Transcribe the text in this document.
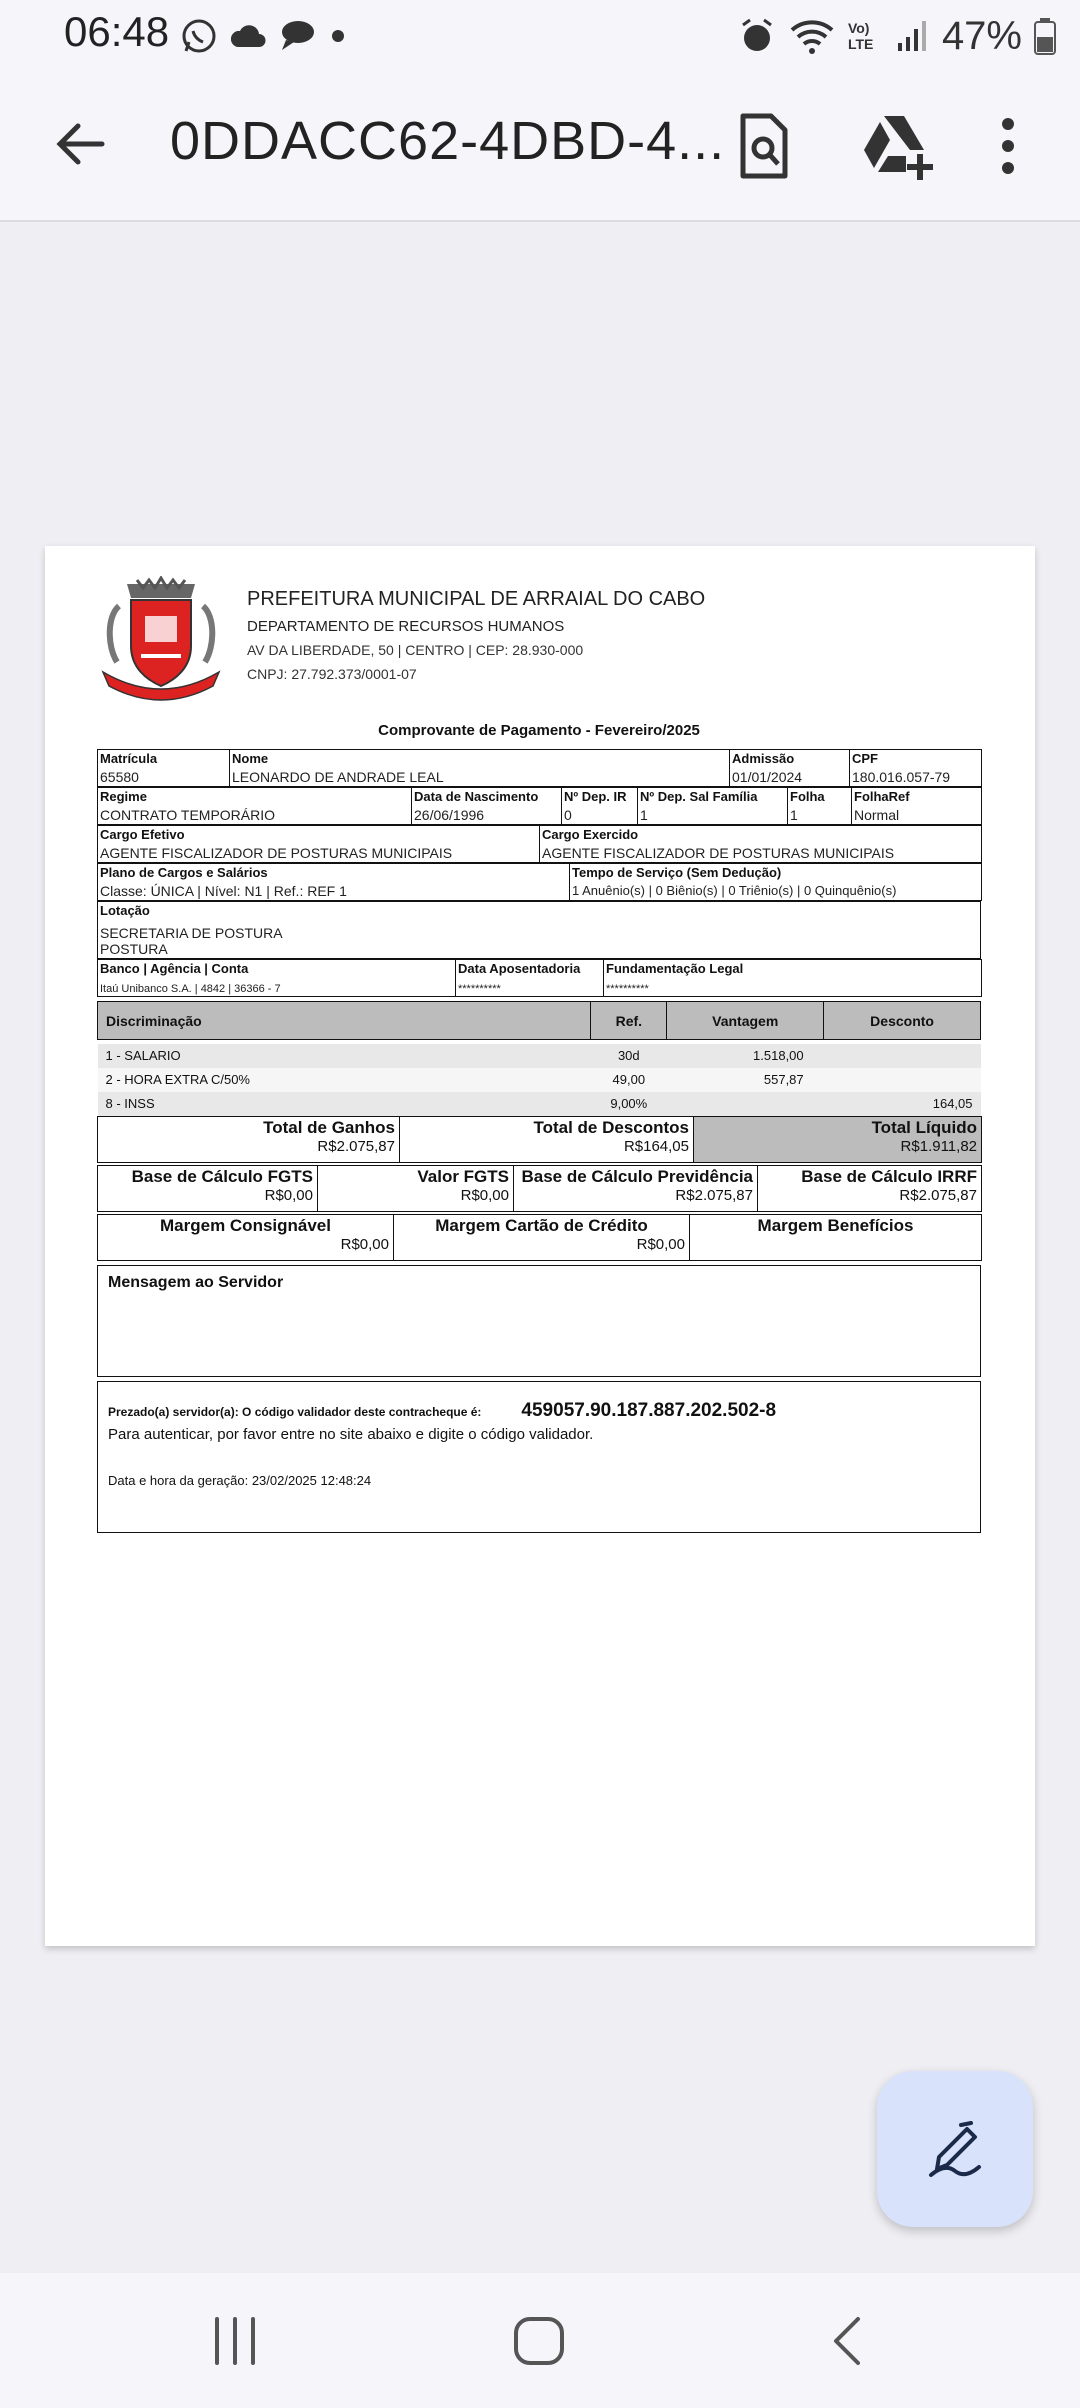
06:48	Vo) LTE 47%
0DDACC62-4DBD-4...
PREFEITURA MUNICIPAL DE ARRAIAL DO CABO
DEPARTAMENTO DE RECURSOS HUMANOS
AV DA LIBERDADE, 50 | CENTRO | CEP: 28.930-000
CNPJ: 27.792.373/0001-07
Comprovante de Pagamento - Fevereiro/2025
Matrícula
65580

Nome
LEONARDO DE ANDRADE LEAL

Admissão
01/01/2024

CPF
180.016.057-79
Regime
CONTRATO TEMPORÁRIO

Data de Nascimento
26/06/1996

Nº Dep. IR
0

Nº Dep. Sal Família
1

Folha
1

FolhaRef
Normal
Cargo Efetivo
AGENTE FISCALIZADOR DE POSTURAS MUNICIPAIS

Cargo Exercido
AGENTE FISCALIZADOR DE POSTURAS MUNICIPAIS
Plano de Cargos e Salários
Classe: ÚNICA | Nível: N1 | Ref.: REF 1

Tempo de Serviço (Sem Dedução)
1 Anuênio(s) | 0 Biênio(s) | 0 Triênio(s) | 0 Quinquênio(s)
Lotação
SECRETARIA DE POSTURA
POSTURA
Banco | Agência | Conta
Itaú Unibanco S.A. | 4842 | 36366 - 7

Data Aposentadoria
**********

Fundamentação Legal
**********
Discriminação	Ref.	Vantagem	Desconto

1 - SALARIO	30d	1.518,00	
2 - HORA EXTRA C/50%	49,00	557,87	
8 - INSS	9,00%		164,05
Total de Ganhos
R$2.075,87

Total de Descontos
R$164,05

Total Líquido
R$1.911,82
Base de Cálculo FGTS
R$0,00

Valor FGTS
R$0,00

Base de Cálculo Previdência
R$2.075,87

Base de Cálculo IRRF
R$2.075,87
Margem Consignável
R$0,00

Margem Cartão de Crédito
R$0,00

Margem Benefícios
Mensagem ao Servidor
Prezado(a) servidor(a): O código validador deste contracheque é: 459057.90.187.887.202.502-8
Para autenticar, por favor entre no site abaixo e digite o código validador.
Data e hora da geração: 23/02/2025 12:48:24
